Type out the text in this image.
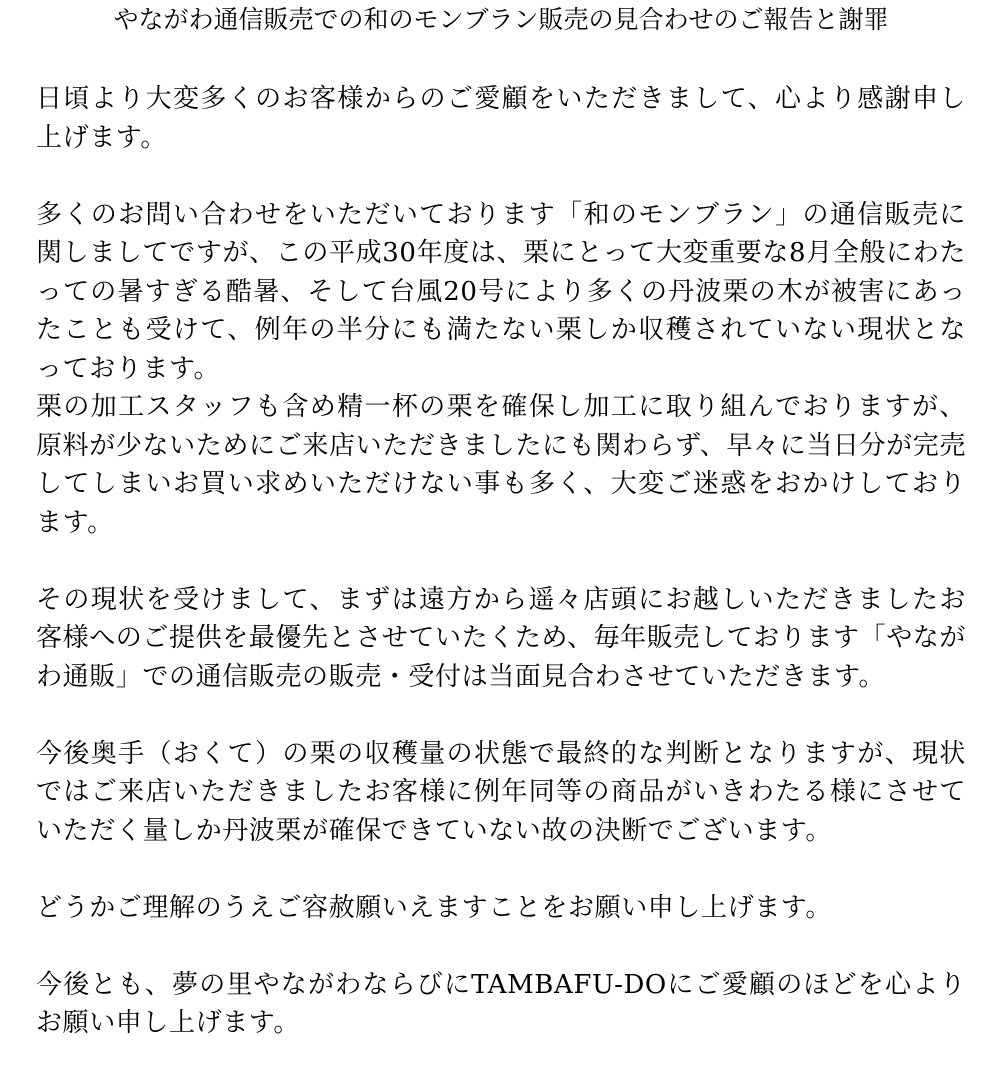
やながわ通信販売での和のモンブラン販売の見合わせのご報告と謝罪

日頃より大変多くのお客様からのご愛顧をいただきまして、心より感謝申し上げます。

多くのお問い合わせをいただいております「和のモンブラン」の通信販売に関しましてですが、この平成30年度は、栗にとって大変重要な8月全般にわたっての暑すぎる酷暑、そして台風20号により多くの丹波栗の木が被害にあったことも受けて、例年の半分にも満たない栗しか収穫されていない現状となっております。

栗の加工スタッフも含め精一杯の栗を確保し加工に取り組んでおりますが、原料が少ないためにご来店いただきましたにも関わらず、早々に当日分が完売してしまいお買い求めいただけない事も多く、大変ご迷惑をおかけしております。

その現状を受けまして、まずは遠方から遥々店頭にお越しいただきましたお客様へのご提供を最優先とさせていたくため、毎年販売しております「やながわ通販」での通信販売の販売・受付は当面見合わさせていただきます。

今後奥手（おくて）の栗の収穫量の状態で最終的な判断となりますが、現状ではご来店いただきましたお客様に例年同等の商品がいきわたる様にさせていただく量しか丹波栗が確保できていない故の決断でございます。

どうかご理解のうえご容赦願いえますことをお願い申し上げます。

今後とも、夢の里やながわならびにTAMBAFU-DOにご愛顧のほどを心よりお願い申し上げます。
